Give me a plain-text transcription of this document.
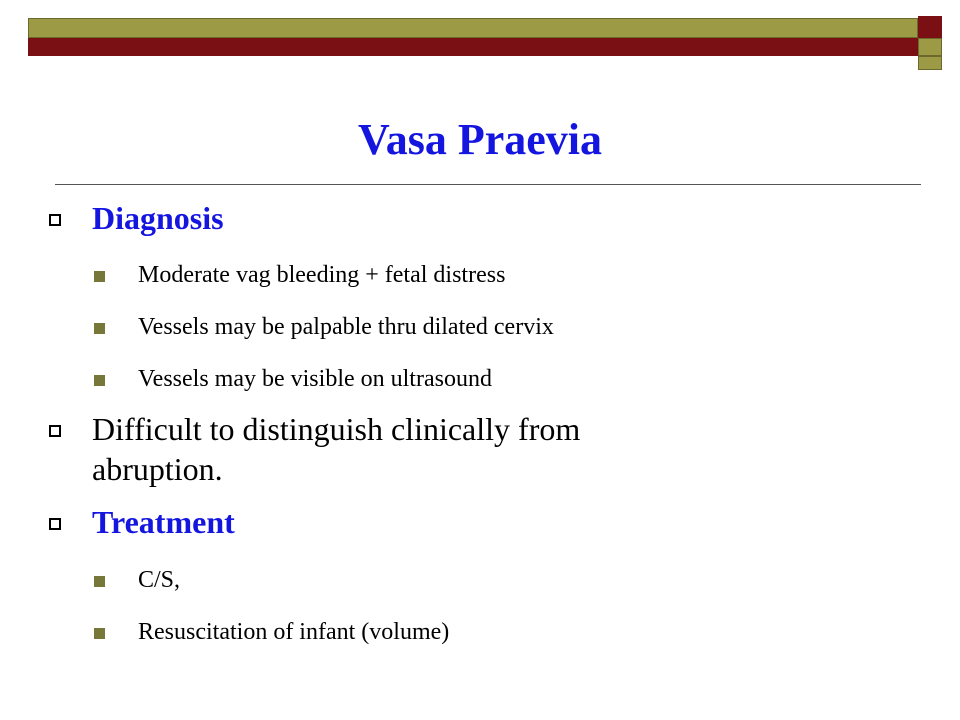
Vasa Praevia
Diagnosis
Moderate vag bleeding + fetal distress
Vessels may be palpable thru dilated cervix
Vessels may be visible on ultrasound
Difficult to distinguish clinically from
abruption.
Treatment
C/S,
Resuscitation of infant (volume)
